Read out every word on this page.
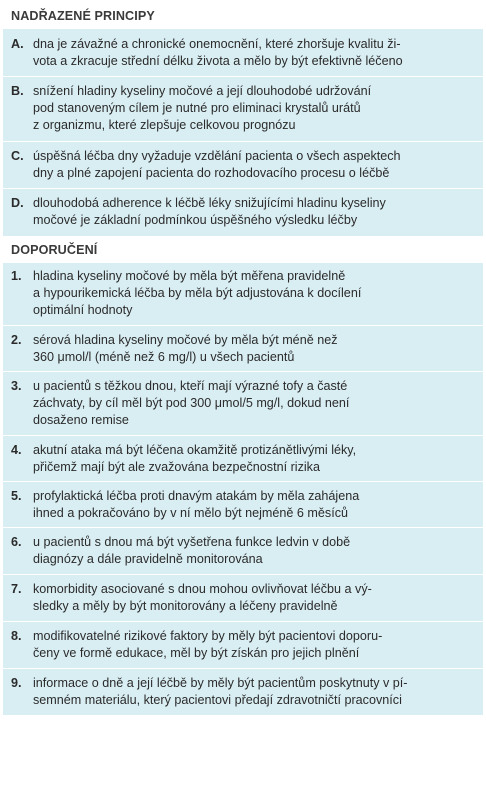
NADŘAZENÉ PRINCIPY
A. dna je závažné a chronické onemocnění, které zhoršuje kvalitu ži-
vota a zkracuje střední délku života a mělo by být efektivně léčeno
B. snížení hladiny kyseliny močové a její dlouhodobé udržování
pod stanoveným cílem je nutné pro eliminaci krystalů urátů
z organizmu, které zlepšuje celkovou prognózu
C. úspěšná léčba dny vyžaduje vzdělání pacienta o všech aspektech
dny a plné zapojení pacienta do rozhodovacího procesu o léčbě
D. dlouhodobá adherence k léčbě léky snižujícími hladinu kyseliny
močové je základní podmínkou úspěšného výsledku léčby
DOPORUČENÍ
1. hladina kyseliny močové by měla být měřena pravidelně
a hypourikemická léčba by měla být adjustována k docílení
optimální hodnoty
2. sérová hladina kyseliny močové by měla být méně než
360 μmol/l (méně než 6 mg/l) u všech pacientů
3. u pacientů s těžkou dnou, kteří mají výrazné tofy a časté
záchvaty, by cíl měl být pod 300 μmol/5 mg/l, dokud není
dosaženo remise
4. akutní ataka má být léčena okamžitě protizánětlivými léky,
přičemž mají být ale zvažována bezpečnostní rizika
5. profylaktická léčba proti dnavým atakám by měla zahájena
ihned a pokračováno by v ní mělo být nejméně 6 měsíců
6. u pacientů s dnou má být vyšetřena funkce ledvin v době
diagnózy a dále pravidelně monitorována
7. komorbidity asociované s dnou mohou ovlivňovat léčbu a vý-
sledky a měly by být monitorovány a léčeny pravidelně
8. modifikovatelné rizikové faktory by měly být pacientovi doporu-
čeny ve formě edukace, měl by být získán pro jejich plnění
9. informace o dně a její léčbě by měly být pacientům poskytnuty v pí-
semném materiálu, který pacientovi předají zdravotničtí pracovníci
